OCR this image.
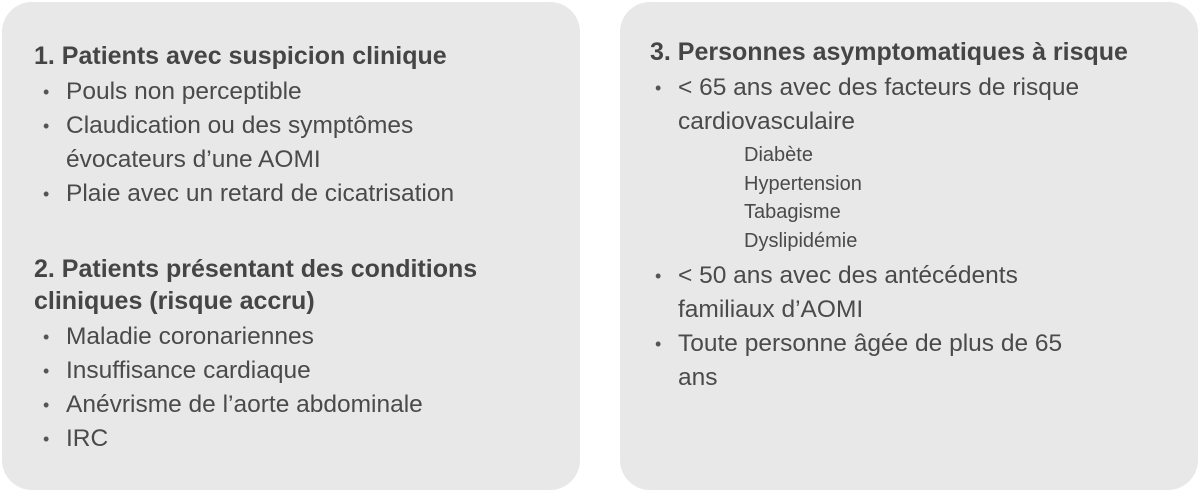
1. Patients avec suspicion clinique
• Pouls non perceptible
• Claudication ou des symptômes évocateurs d’une AOMI
• Plaie avec un retard de cicatrisation
2. Patients présentant des conditions cliniques (risque accru)
• Maladie coronariennes
• Insuffisance cardiaque
• Anévrisme de l’aorte abdominale
• IRC
3. Personnes asymptomatiques à risque
• < 65 ans avec des facteurs de risque cardiovasculaire
Diabète
Hypertension
Tabagisme
Dyslipidémie
• < 50 ans avec des antécédents familiaux d’AOMI
• Toute personne âgée de plus de 65 ans
